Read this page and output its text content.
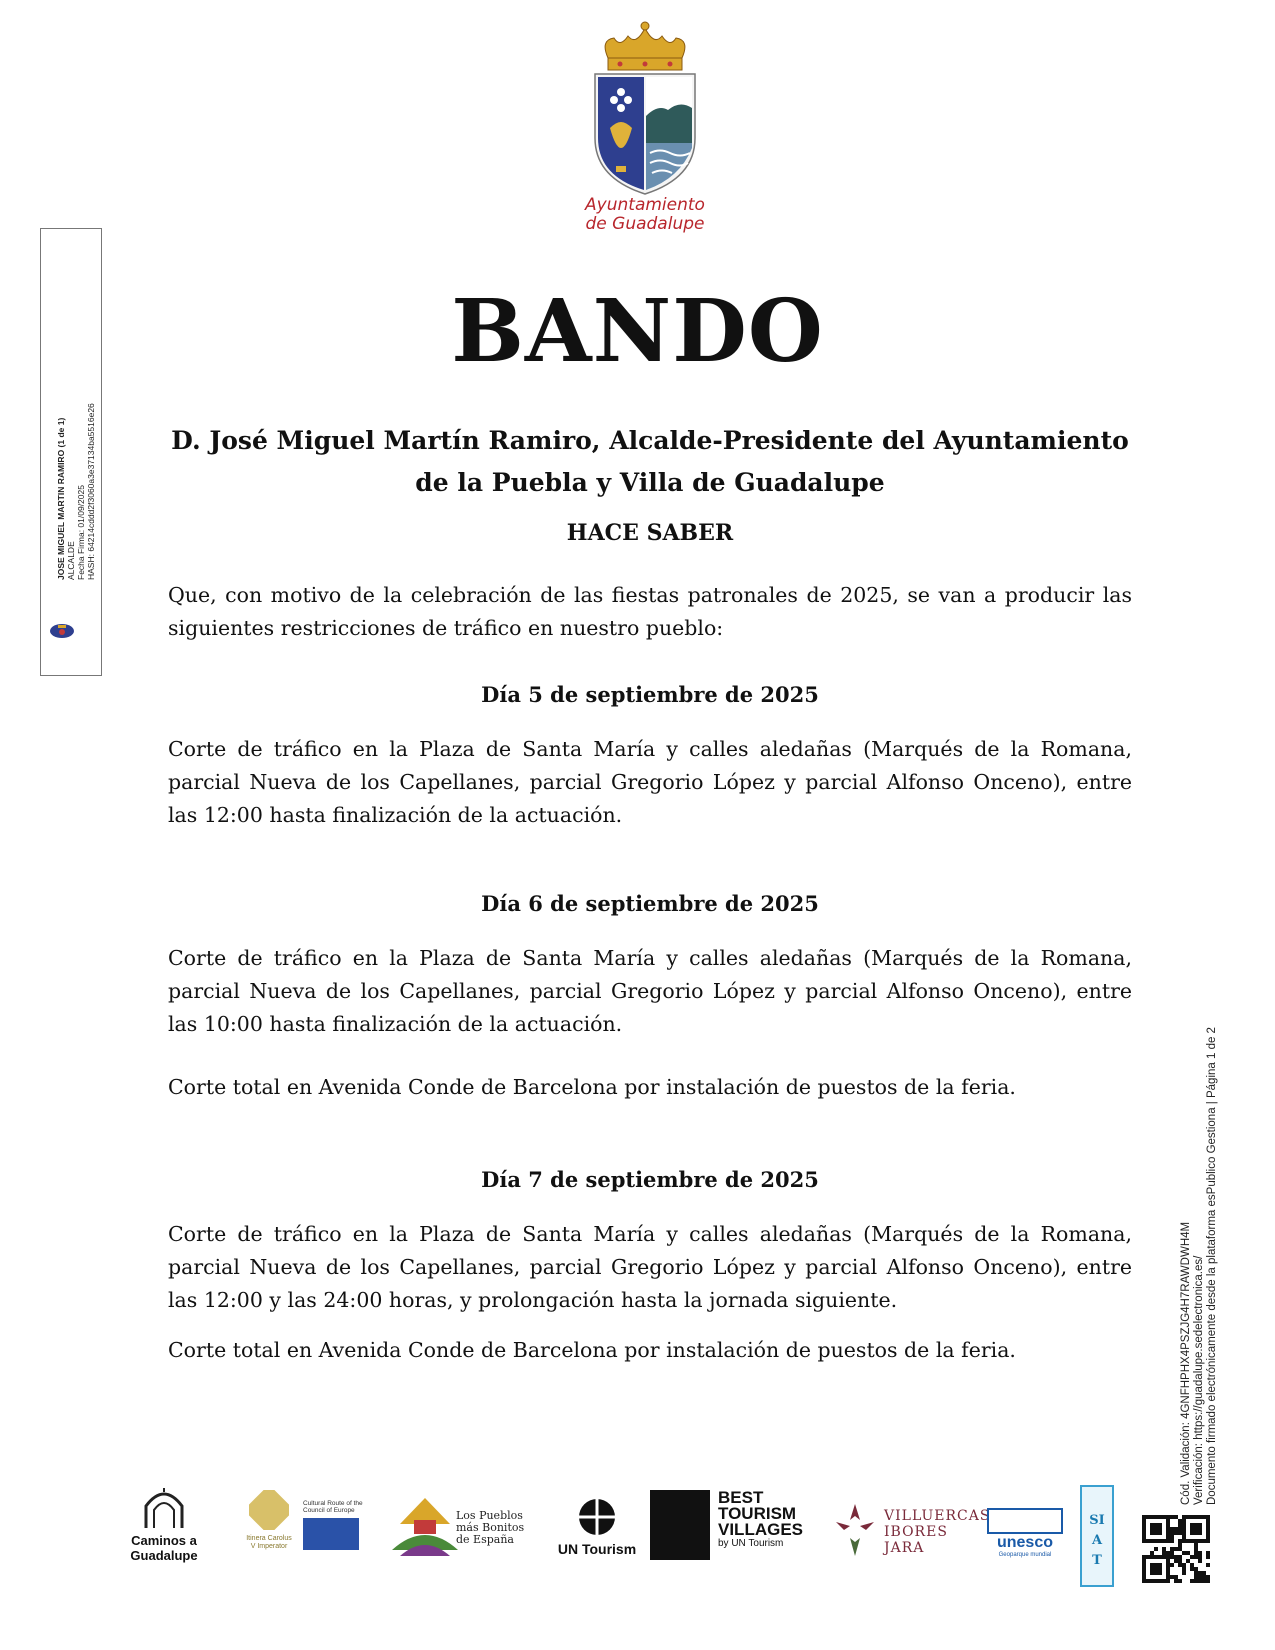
Ayuntamiento
de Guadalupe
JOSE MIGUEL MARTIN RAMIRO (1 de 1) ALCALDE Fecha Firma: 01/09/2025 HASH: 64214cddd2f3060a3e37134ba5516e26
Cód. Validación: 4GNFHPHX4PSZJG4H7RAWDWH4M Verificación: https://guadalupe.sedelectronica.es/ Documento firmado electrónicamente desde la plataforma esPublico Gestiona | Página 1 de 2
BANDO
D. José Miguel Martín Ramiro, Alcalde-Presidente del Ayuntamiento
de la Puebla y Villa de Guadalupe
HACE SABER
Que, con motivo de la celebración de las fiestas patronales de 2025, se van a producir las siguientes restricciones de tráfico en nuestro pueblo:
Día 5 de septiembre de 2025
Corte de tráfico en la Plaza de Santa María y calles aledañas (Marqués de la Romana, parcial Nueva de los Capellanes, parcial Gregorio López y parcial Alfonso Onceno), entre las 12:00 hasta finalización de la actuación.
Día 6 de septiembre de 2025
Corte de tráfico en la Plaza de Santa María y calles aledañas (Marqués de la Romana, parcial Nueva de los Capellanes, parcial Gregorio López y parcial Alfonso Onceno), entre las 10:00 hasta finalización de la actuación.
Corte total en Avenida Conde de Barcelona por instalación de puestos de la feria.
Día 7 de septiembre de 2025
Corte de tráfico en la Plaza de Santa María y calles aledañas (Marqués de la Romana, parcial Nueva de los Capellanes, parcial Gregorio López y parcial Alfonso Onceno), entre las 12:00 y las 24:00 horas, y prolongación hasta la jornada siguiente.
Corte total en Avenida Conde de Barcelona por instalación de puestos de la feria.
Caminos a Guadalupe
Itinera Carolus V Imperator
Cultural Route of the Council of Europe	Los Pueblos más Bonitos de España
UN Tourism
BEST
TOURISM
VILLAGES
by UN Tourism
VILLUERCAS
IBORES
JARA	unesco
Geoparque mundial
SIA T
